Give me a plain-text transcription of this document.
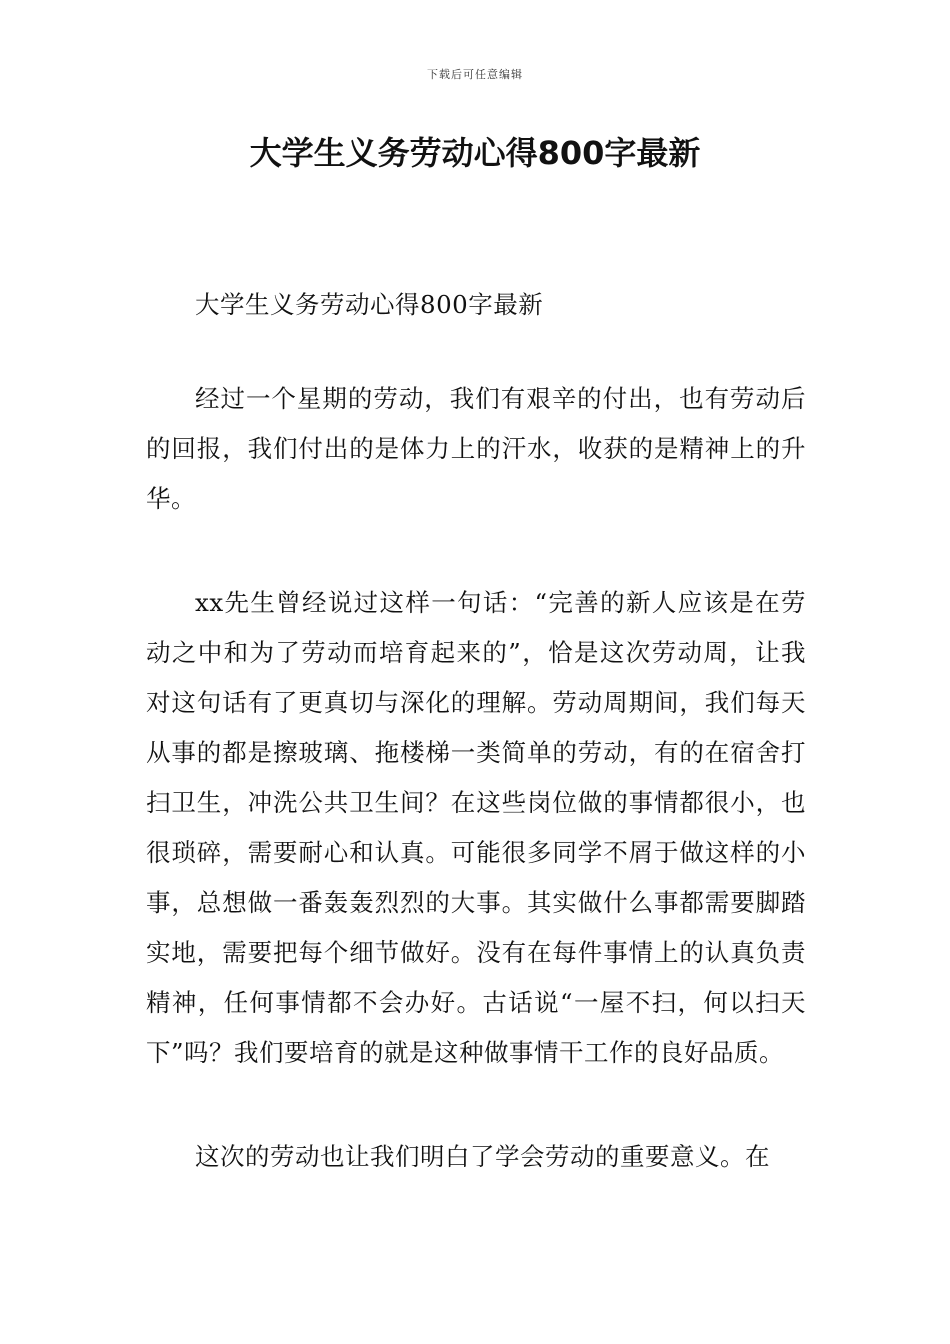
下载后可任意编辑
大学生义务劳动心得800字最新

大学生义务劳动心得800字最新

经过一个星期的劳动，我们有艰辛的付出，也有劳动后的回报，我们付出的是体力上的汗水，收获的是精神上的升华。

xx先生曾经说过这样一句话：“完善的新人应该是在劳动之中和为了劳动而培育起来的”，恰是这次劳动周，让我对这句话有了更真切与深化的理解。劳动周期间，我们每天从事的都是擦玻璃、拖楼梯一类简单的劳动，有的在宿舍打扫卫生，冲洗公共卫生间？在这些岗位做的事情都很小，也很琐碎，需要耐心和认真。可能很多同学不屑于做这样的小事，总想做一番轰轰烈烈的大事。其实做什么事都需要脚踏实地，需要把每个细节做好。没有在每件事情上的认真负责精神，任何事情都不会办好。古话说“一屋不扫，何以扫天下”吗？我们要培育的就是这种做事情干工作的良好品质。

这次的劳动也让我们明白了学会劳动的重要意义。在
